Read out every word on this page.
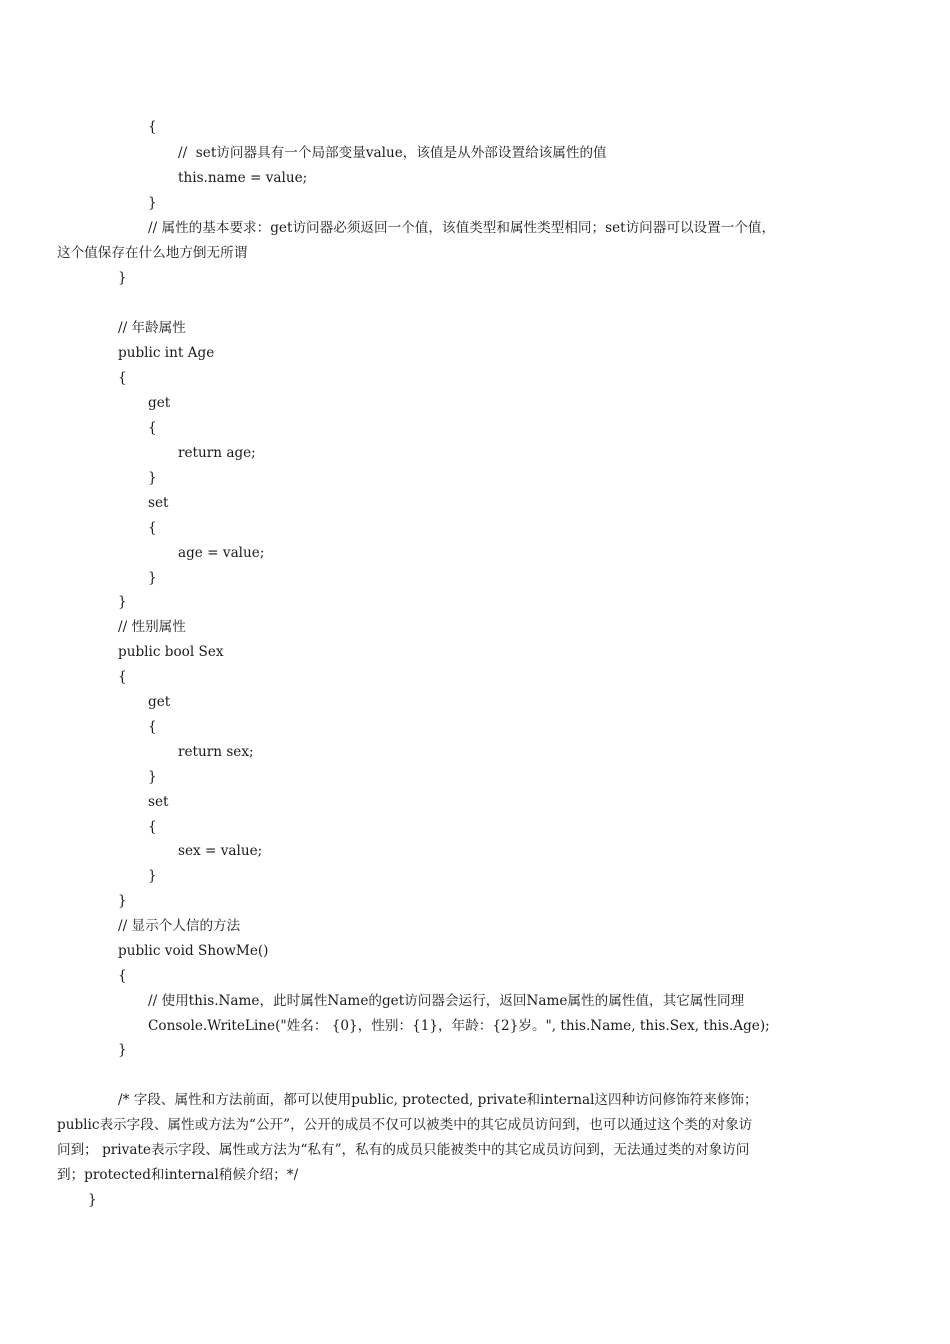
{
//  set访问器具有一个局部变量value，该值是从外部设置给该属性的值
this.name = value;
}
// 属性的基本要求：get访问器必须返回一个值，该值类型和属性类型相同；set访问器可以设置一个值，
这个值保存在什么地方倒无所谓
}
// 年龄属性
public int Age
{
get
{
return age;
}
set
{
age = value;
}
}
// 性别属性
public bool Sex
{
get
{
return sex;
}
set
{
sex = value;
}
}
// 显示个人信的方法
public void ShowMe()
{
// 使用this.Name，此时属性Name的get访问器会运行，返回Name属性的属性值，其它属性同理
Console.WriteLine("姓名： {0}，性别：{1}，年龄：{2}岁。", this.Name, this.Sex, this.Age);
}
/* 字段、属性和方法前面，都可以使用public, protected, private和internal这四种访问修饰符来修饰；
public表示字段、属性或方法为“公开”，公开的成员不仅可以被类中的其它成员访问到，也可以通过这个类的对象访
问到； private表示字段、属性或方法为“私有”，私有的成员只能被类中的其它成员访问到，无法通过类的对象访问
到；protected和internal稍候介绍；*/
}
